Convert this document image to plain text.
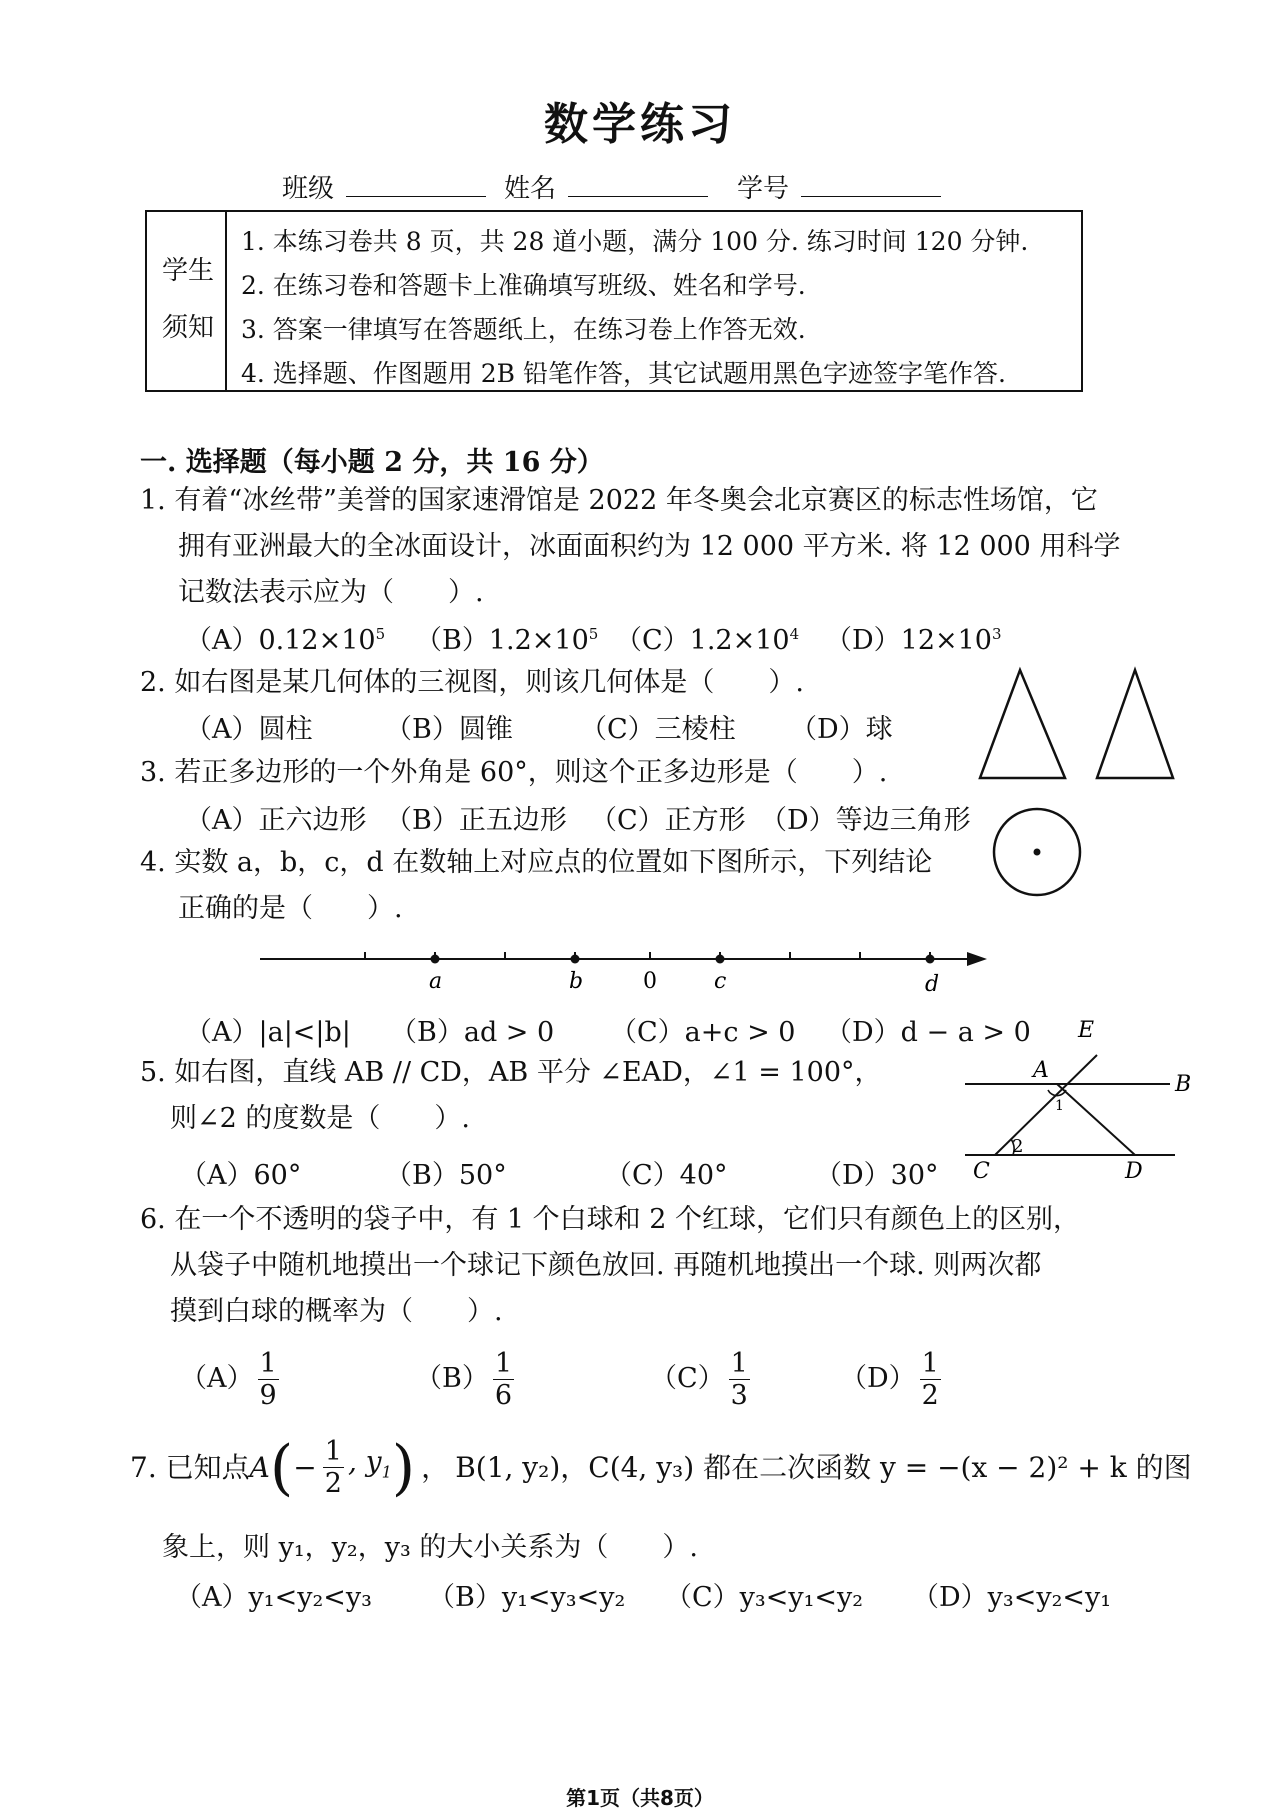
数学练习
班级	姓名	学号
学生
须知
1. 本练习卷共 8 页，共 28 道小题，满分 100 分. 练习时间 120 分钟.
2. 在练习卷和答题卡上准确填写班级、姓名和学号.
3. 答案一律填写在答题纸上，在练习卷上作答无效.
4. 选择题、作图题用 2B 铅笔作答，其它试题用黑色字迹签字笔作答.
一. 选择题（每小题 2 分，共 16 分）
1. 有着“冰丝带”美誉的国家速滑馆是 2022 年冬奥会北京赛区的标志性场馆，它
拥有亚洲最大的全冰面设计，冰面面积约为 12 000 平方米. 将 12 000 用科学
记数法表示应为（　　）.
$(A)0.12\times 10^5$ $(B)1.2\times 10^5$ $(C)1.2\times 10^4$ $(D)12\times 10^3$
2. 如右图是某几何体的三视图，则该几何体是（　　）.
（A）圆柱	（B）圆锥 （C）三棱柱 （D）球
3. 若正多边形的一个外角是 60°，则这个正多边形是（　　）.
（A）正六边形 （B）正五边形 （C）正方形 （D）等边三角形
4. 实数 a，b，c，d 在数轴上对应点的位置如下图所示，下列结论
正确的是（　　）.
a	b	0	c	d
（A）|a|<|b| （B）ad > 0 （C）a+c > 0 （D）d − a > 0
5. 如右图，直线 AB // CD，AB 平分 ∠EAD，∠1 = 100°，
则∠2 的度数是（　　）.
（A）60°	（B）50°	（C）40°	（D）30°
E
A
B
C	D
1
2
6. 在一个不透明的袋子中，有 1 个白球和 2 个红球，它们只有颜色上的区别，
从袋子中随机地摸出一个球记下颜色放回. 再随机地摸出一个球. 则两次都
摸到白球的概率为（　　）.
$(A) \frac{1}{9}$	$(B) \frac{1}{6}$	$(C) \frac{1}{3}$	$(D) \frac{1}{2}$
7. 已知点 A ( − $\frac{1}{2}$ , $y_1$ ) ， B(1, y₂)，C(4, y₃) 都在二次函数 y = −(x − 2)² + k 的图
象上，则 y₁，y₂，y₃ 的大小关系为（　　）.
（A）y₁<y₂<y₃ （B）y₁<y₃<y₂ （C）y₃<y₁<y₂ （D）y₃<y₂<y₁
第1页（共8页）
